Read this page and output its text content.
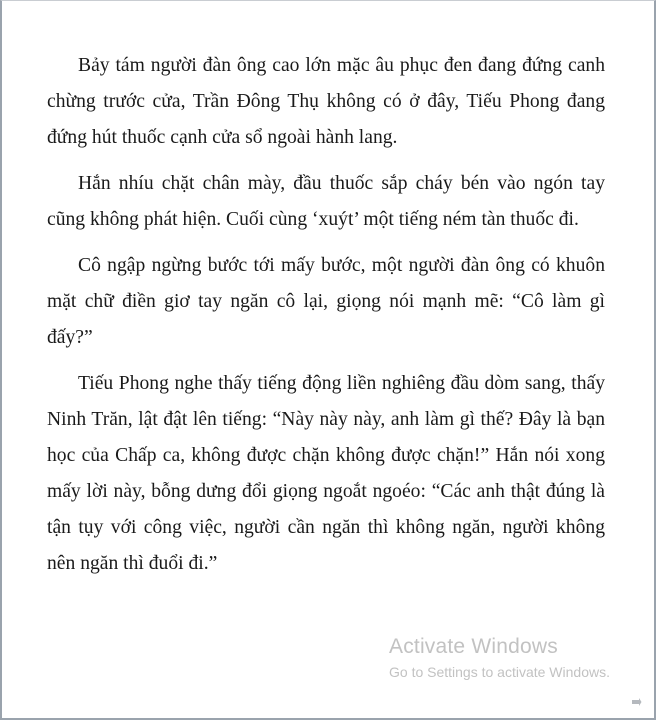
Bảy tám người đàn ông cao lớn mặc âu phục đen đang đứng canh chừng trước cửa, Trần Đông Thụ không có ở đây, Tiếu Phong đang đứng hút thuốc cạnh cửa sổ ngoài hành lang.

Hắn nhíu chặt chân mày, đầu thuốc sắp cháy bén vào ngón tay cũng không phát hiện. Cuối cùng ‘xuýt’ một tiếng ném tàn thuốc đi.

Cô ngập ngừng bước tới mấy bước, một người đàn ông có khuôn mặt chữ điền giơ tay ngăn cô lại, giọng nói mạnh mẽ: “Cô làm gì đấy?”

Tiếu Phong nghe thấy tiếng động liền nghiêng đầu dòm sang, thấy Ninh Trăn, lật đật lên tiếng: “Này này này, anh làm gì thế? Đây là bạn học của Chấp ca, không được chặn không được chặn!” Hắn nói xong mấy lời này, bỗng dưng đổi giọng ngoắt ngoéo: “Các anh thật đúng là tận tụy với công việc, người cần ngăn thì không ngăn, người không nên ngăn thì đuổi đi.”

Activate Windows
Go to Settings to activate Windows.
